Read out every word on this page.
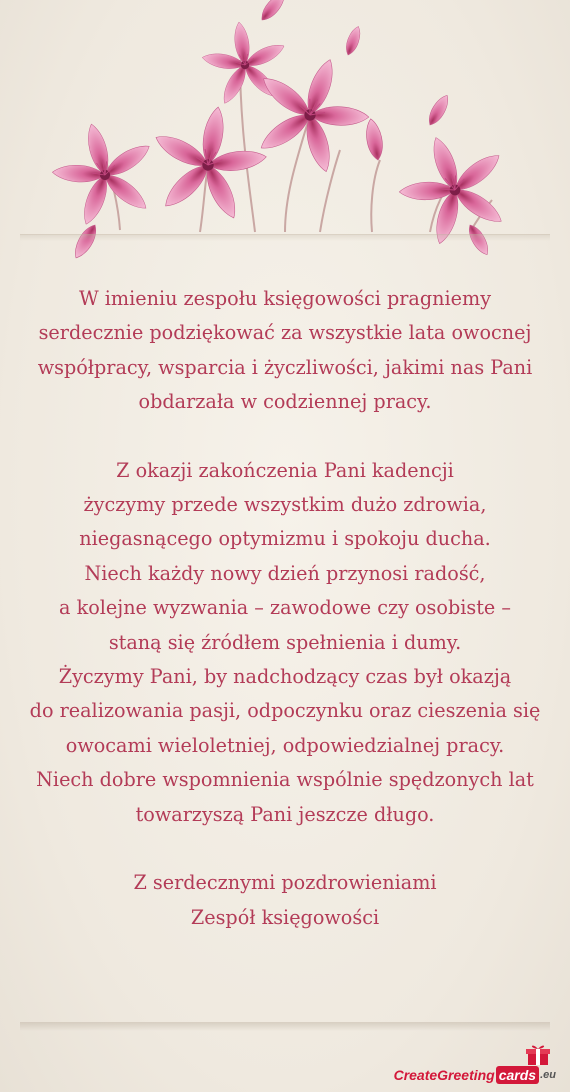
W imieniu zespołu księgowości pragniemy
serdecznie podziękować za wszystkie lata owocnej
współpracy, wsparcia i życzliwości, jakimi nas Pani
obdarzała w codziennej pracy.
Z okazji zakończenia Pani kadencji
życzymy przede wszystkim dużo zdrowia,
niegasnącego optymizmu i spokoju ducha.
Niech każdy nowy dzień przynosi radość,
a kolejne wyzwania – zawodowe czy osobiste –
staną się źródłem spełnienia i dumy.
Życzymy Pani, by nadchodzący czas był okazją
do realizowania pasji, odpoczynku oraz cieszenia się
owocami wieloletniej, odpowiedzialnej pracy.
Niech dobre wspomnienia wspólnie spędzonych lat
towarzyszą Pani jeszcze długo.
Z serdecznymi pozdrowieniami
Zespół księgowości
CreateGreeting cards .eu
